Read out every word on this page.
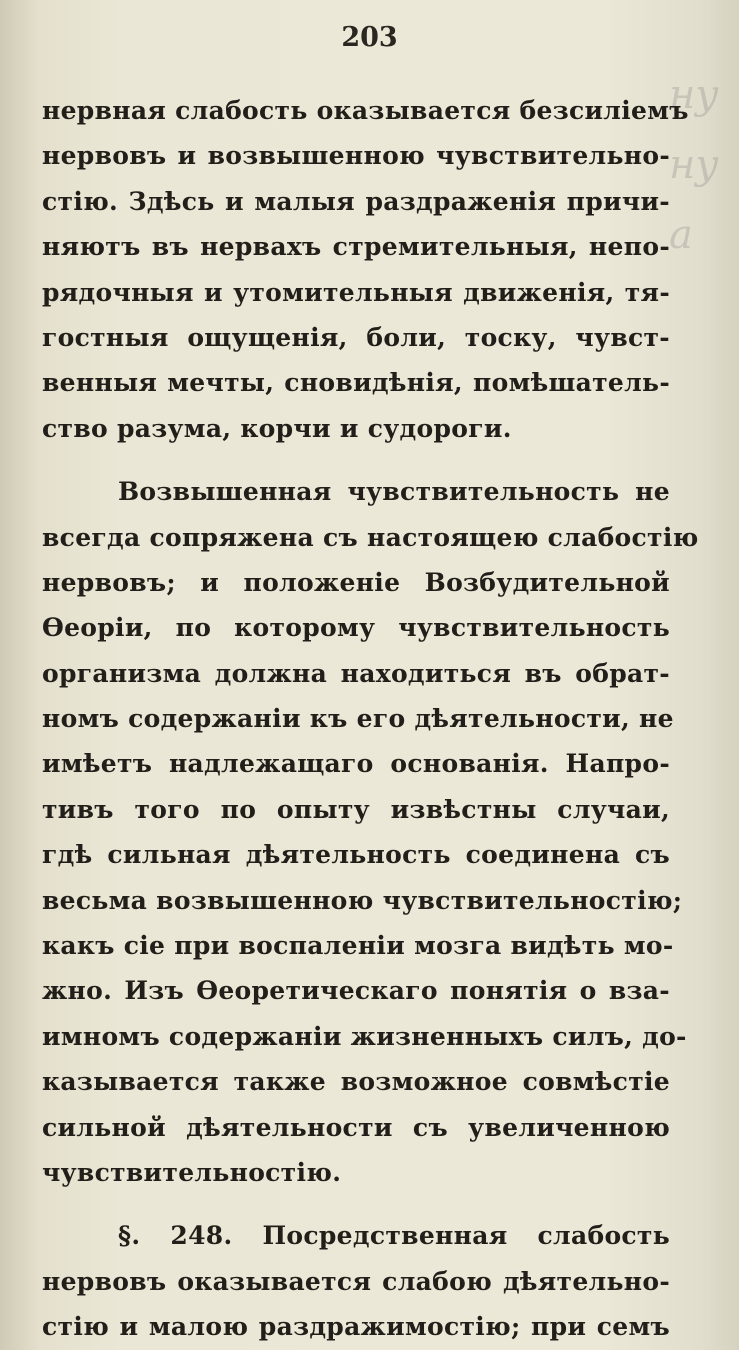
ну
ну
а
203
нервная слабость оказывается безсиліемъ
нервовъ и возвышенною чувствительно-
стію. Здѣсь и малыя раздраженія причи-
няютъ въ нервахъ стремительныя, непо-
рядочныя и утомительныя движенія, тя-
гостныя ощущенія, боли, тоску, чувст-
венныя мечты, сновидѣнія, помѣшатель-
ство разума, корчи и судороги.
Возвышенная чувствительность не
всегда сопряжена съ настоящею слабостію
нервовъ; и положеніе Возбудительной
Өеоріи, по которому чувствительность
организма должна находиться въ обрат-
номъ содержаніи къ его дѣятельности, не
имѣетъ надлежащаго основанія. Напро-
тивъ того по опыту извѣстны случаи,
гдѣ сильная дѣятельность соединена съ
весьма возвышенною чувствительностію;
какъ сіе при воспаленіи мозга видѣть мо-
жно. Изъ Өеоретическаго понятія о вза-
имномъ содержаніи жизненныхъ силъ, до-
казывается также возможное совмѣстіе
сильной дѣятельности съ увеличенною
чувствительностію.
§. 248. Посредственная слабость
нервовъ оказывается слабою дѣятельно-
стію и малою раздражимостію; при семъ
